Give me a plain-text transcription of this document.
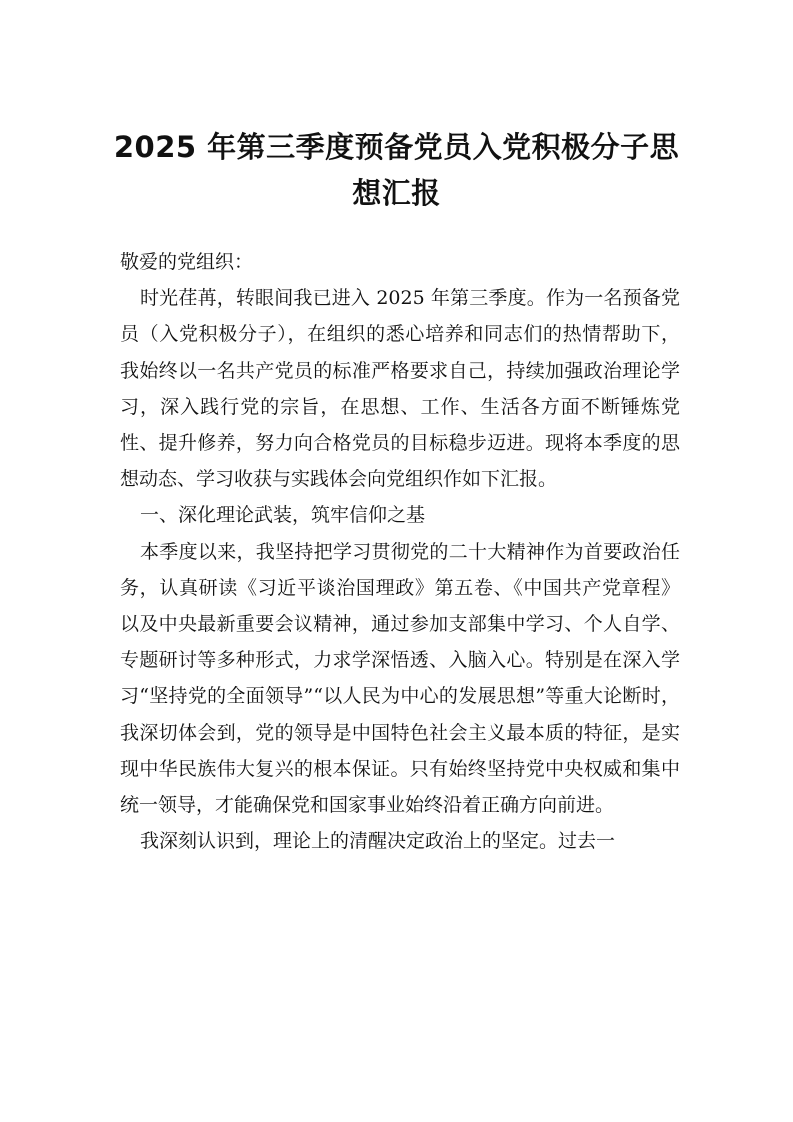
2025 年第三季度预备党员入党积极分子思
想汇报

敬爱的党组织：

时光荏苒，转眼间我已进入 2025 年第三季度。作为一名预备党员（入党积极分子），在组织的悉心培养和同志们的热情帮助下，我始终以一名共产党员的标准严格要求自己，持续加强政治理论学习，深入践行党的宗旨，在思想、工作、生活各方面不断锤炼党性、提升修养，努力向合格党员的目标稳步迈进。现将本季度的思想动态、学习收获与实践体会向党组织作如下汇报。

一、深化理论武装，筑牢信仰之基

本季度以来，我坚持把学习贯彻党的二十大精神作为首要政治任务，认真研读《习近平谈治国理政》第五卷、《中国共产党章程》以及中央最新重要会议精神，通过参加支部集中学习、个人自学、专题研讨等多种形式，力求学深悟透、入脑入心。特别是在深入学习“坚持党的全面领导”“以人民为中心的发展思想”等重大论断时，我深切体会到，党的领导是中国特色社会主义最本质的特征，是实现中华民族伟大复兴的根本保证。只有始终坚持党中央权威和集中统一领导，才能确保党和国家事业始终沿着正确方向前进。

我深刻认识到，理论上的清醒决定政治上的坚定。过去一
